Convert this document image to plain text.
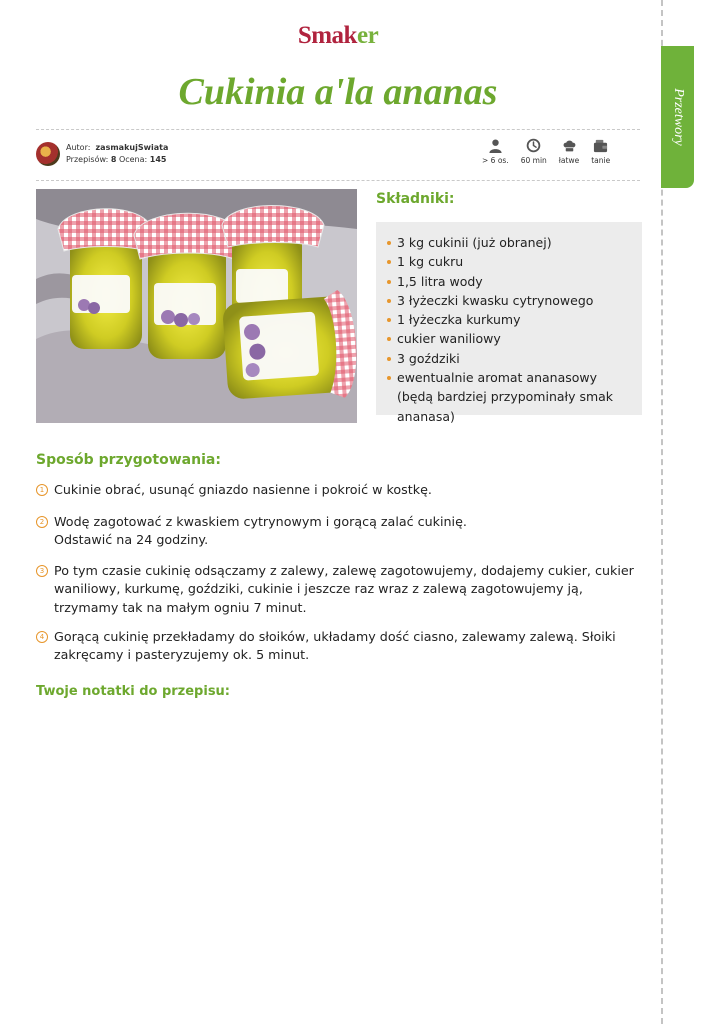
Smaker
Cukinia a'la ananas	Przetwory
Autor: zasmakujSwiata
Przepisów: 8 Ocena: 145	> 6 os. 60 min łatwe tanie
Składniki:
3 kg cukinii (już obranej)
1 kg cukru
1,5 litra wody
3 łyżeczki kwasku cytrynowego
1 łyżeczka kurkumy
cukier waniliowy
3 goździki
ewentualnie aromat ananasowy (będą bardziej przypominały smak ananasa)
Sposób przygotowania:
1 Cukinie obrać, usunąć gniazdo nasienne i pokroić w kostkę.
2 Wodę zagotować z kwaskiem cytrynowym i gorącą zalać cukinię.
Odstawić na 24 godziny.
3 Po tym czasie cukinię odsączamy z zalewy, zalewę zagotowujemy, dodajemy cukier, cukier waniliowy, kurkumę, goździki, cukinie i jeszcze raz wraz z zalewą zagotowujemy ją, trzymamy tak na małym ogniu 7 minut.
4 Gorącą cukinię przekładamy do słoików, układamy dość ciasno, zalewamy zalewą. Słoiki zakręcamy i pasteryzujemy ok. 5 minut.
Twoje notatki do przepisu:
